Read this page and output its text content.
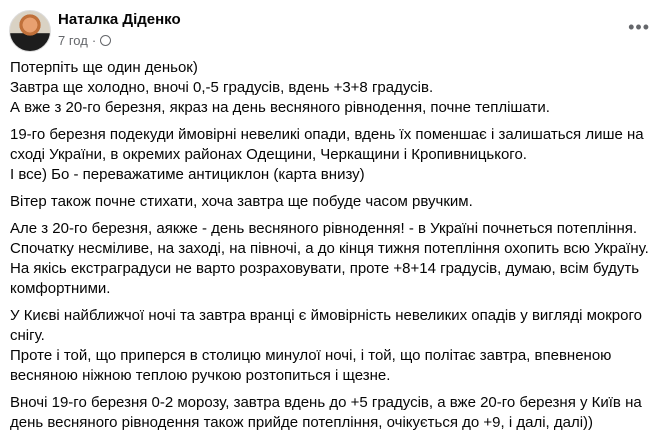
Наталка Діденко
7 год ·
•••

Потерпіть ще один деньок)
Завтра ще холодно, вночі 0,-5 градусів, вдень +3+8 градусів.
А вже з 20-го березня, якраз на день весняного рівнодення, почне теплішати.

19-го березня подекуди ймовірні невеликі опади, вдень їх поменшає і залишаться лише на
сході України, в окремих районах Одещини, Черкащини і Кропивницького.
І все) Бо - переважатиме антициклон (карта внизу)

Вітер також почне стихати, хоча завтра ще побуде часом рвучким.

Але з 20-го березня, аякже - день весняного рівнодення! - в Україні почнеться потепління.
Спочатку несміливе, на заході, на півночі, а до кінця тижня потепління охопить всю Україну.
На якісь екстраградуси не варто розраховувати, проте +8+14 градусів, думаю, всім будуть
комфортними.

У Києві найближчої ночі та завтра вранці є ймовірність невеликих опадів у вигляді мокрого
снігу.
Проте і той, що приперся в столицю минулої ночі, і той, що політає завтра, впевненою
весняною ніжною теплою ручкою розтопиться і щезне.

Вночі 19-го березня 0-2 морозу, завтра вдень до +5 градусів, а вже 20-го березня у Київ на
день весняного рівнодення також прийде потепління, очікується до +9, і далі, далі))
